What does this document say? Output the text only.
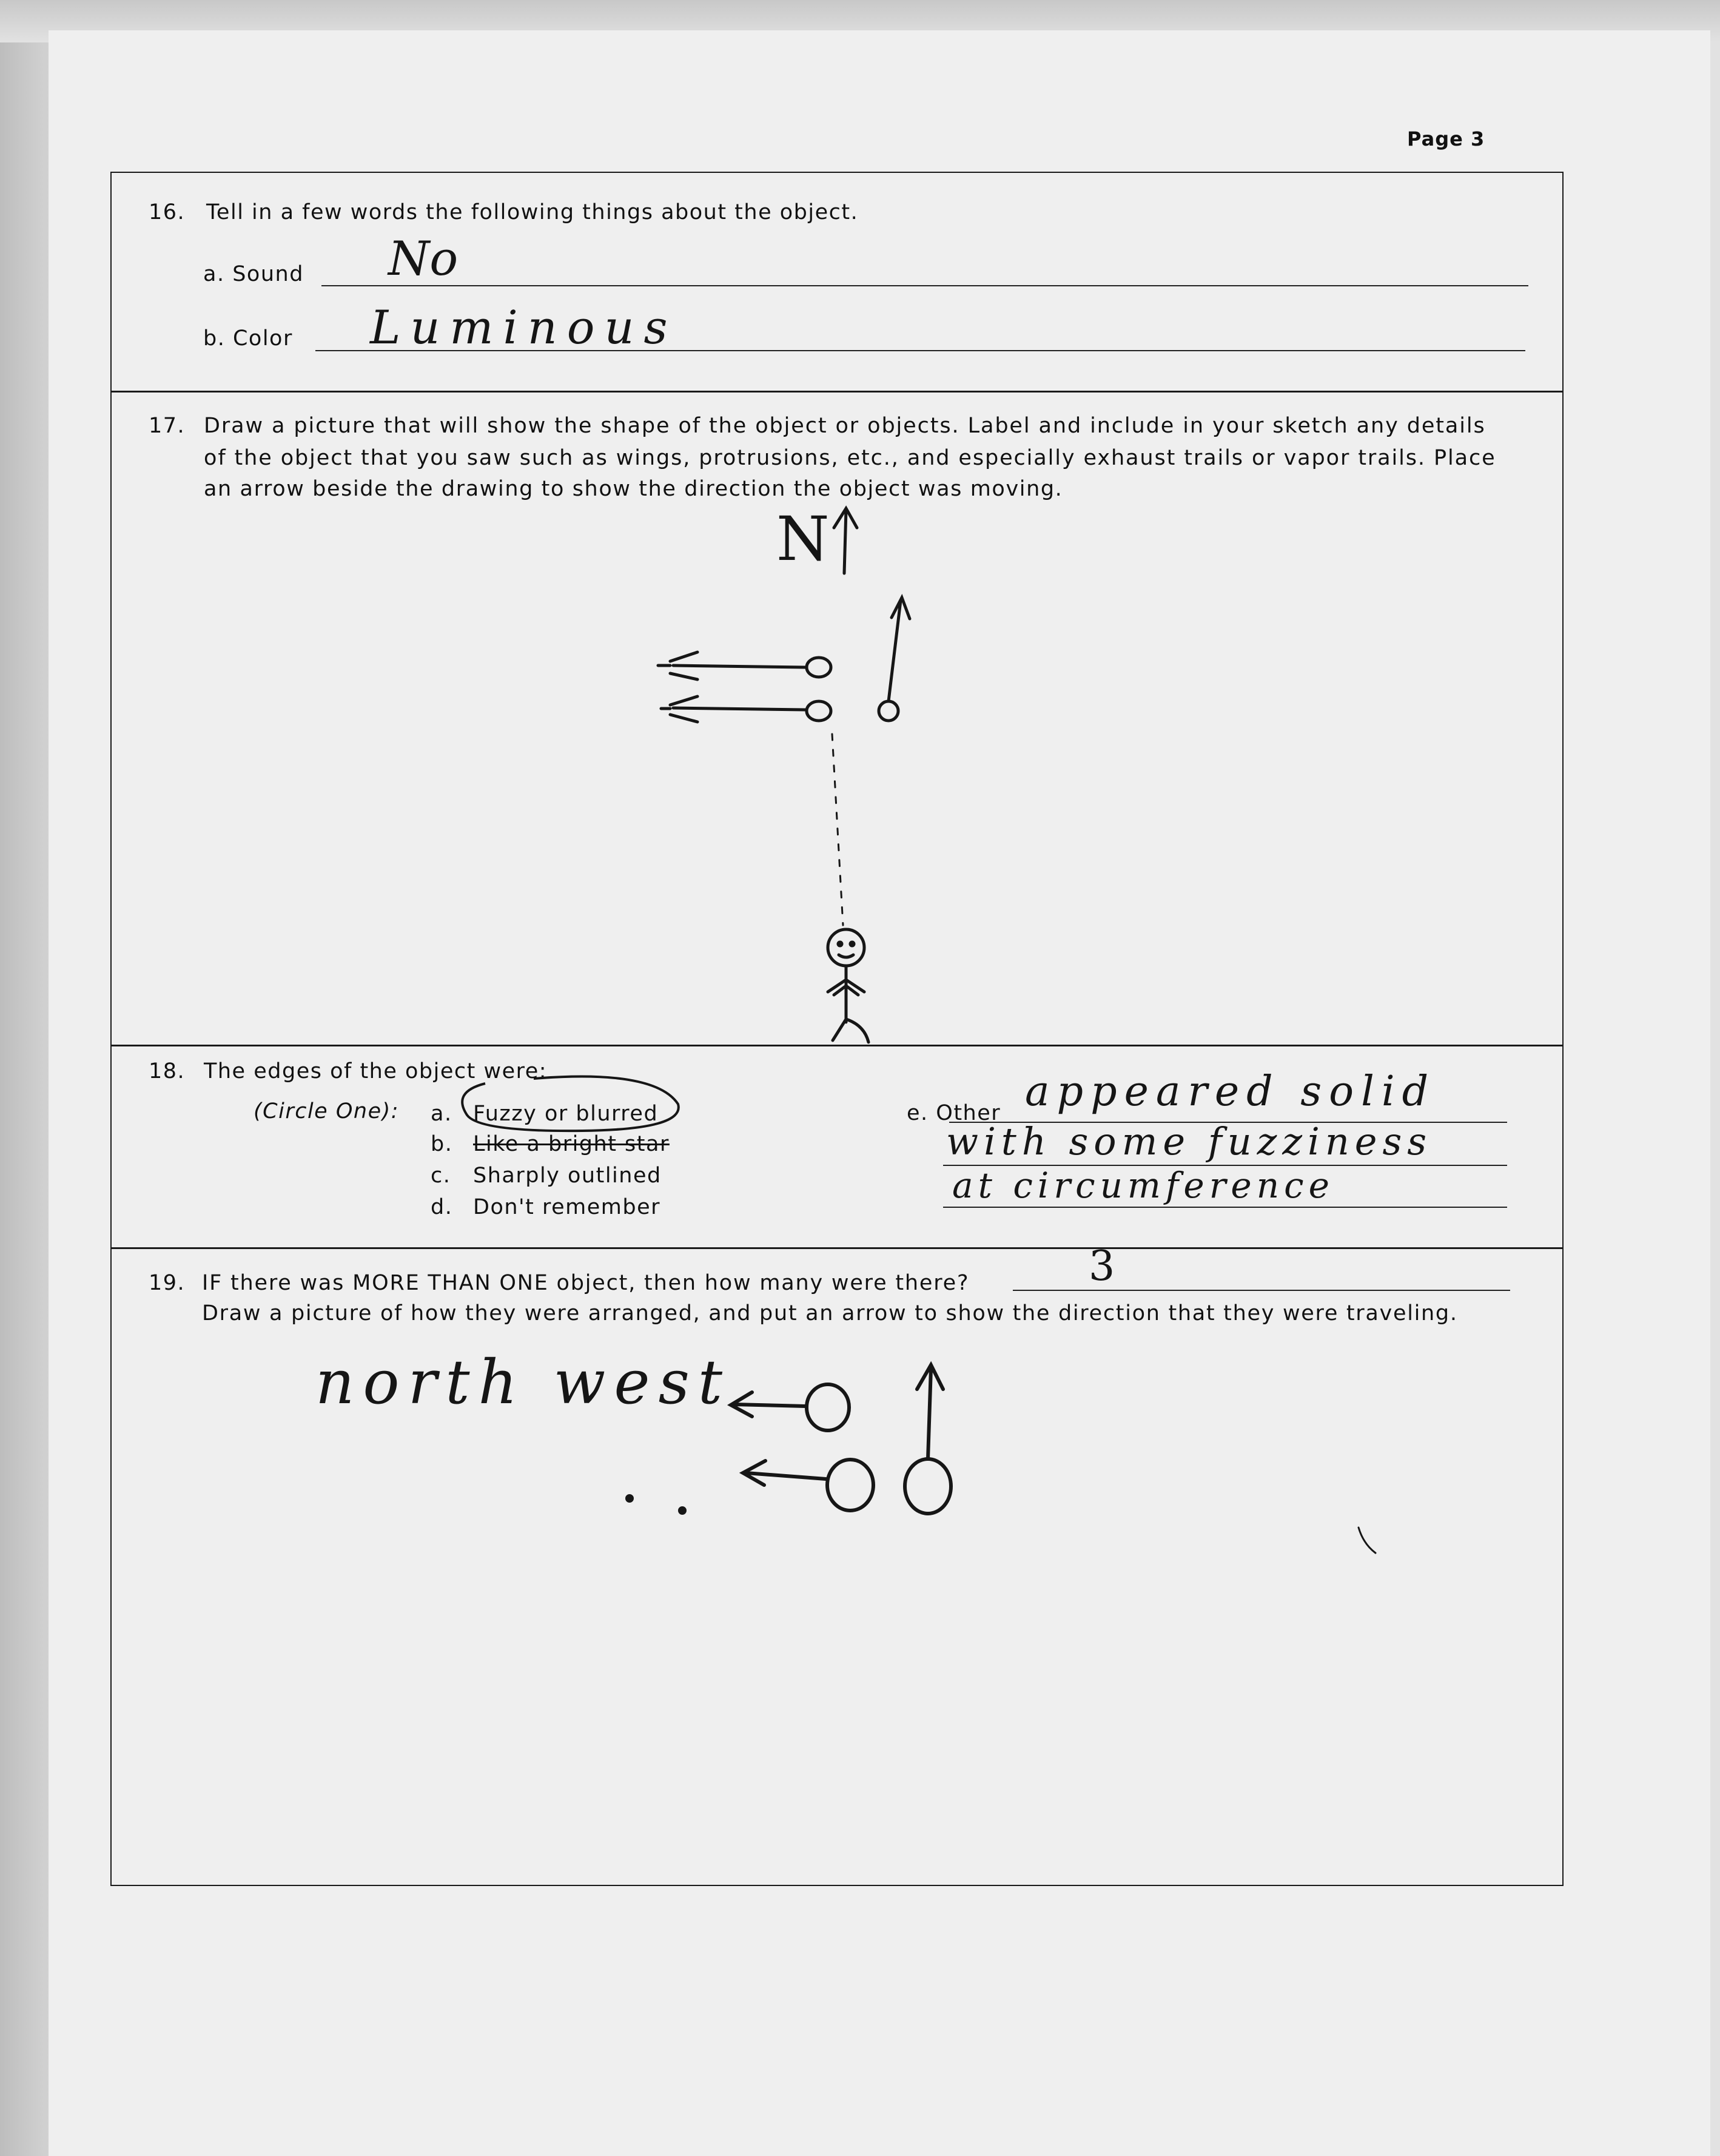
Page 3
16. Tell in a few words the following things about the object.
a. Sound No
b. Color Luminous
17. Draw a picture that will show the shape of the object or objects. Label and include in your sketch any details
of the object that you saw such as wings, protrusions, etc., and especially exhaust trails or vapor trails. Place
an arrow beside the drawing to show the direction the object was moving.
N
18. The edges of the object were:
(Circle One): a. Fuzzy or blurred
b. Like a bright star
c. Sharply outlined
d. Don't remember
e. Other appeared solid
with some fuzziness
at circumference
19. IF there was MORE THAN ONE object, then how many were there?	3
Draw a picture of how they were arranged, and put an arrow to show the direction that they were traveling.
north west
